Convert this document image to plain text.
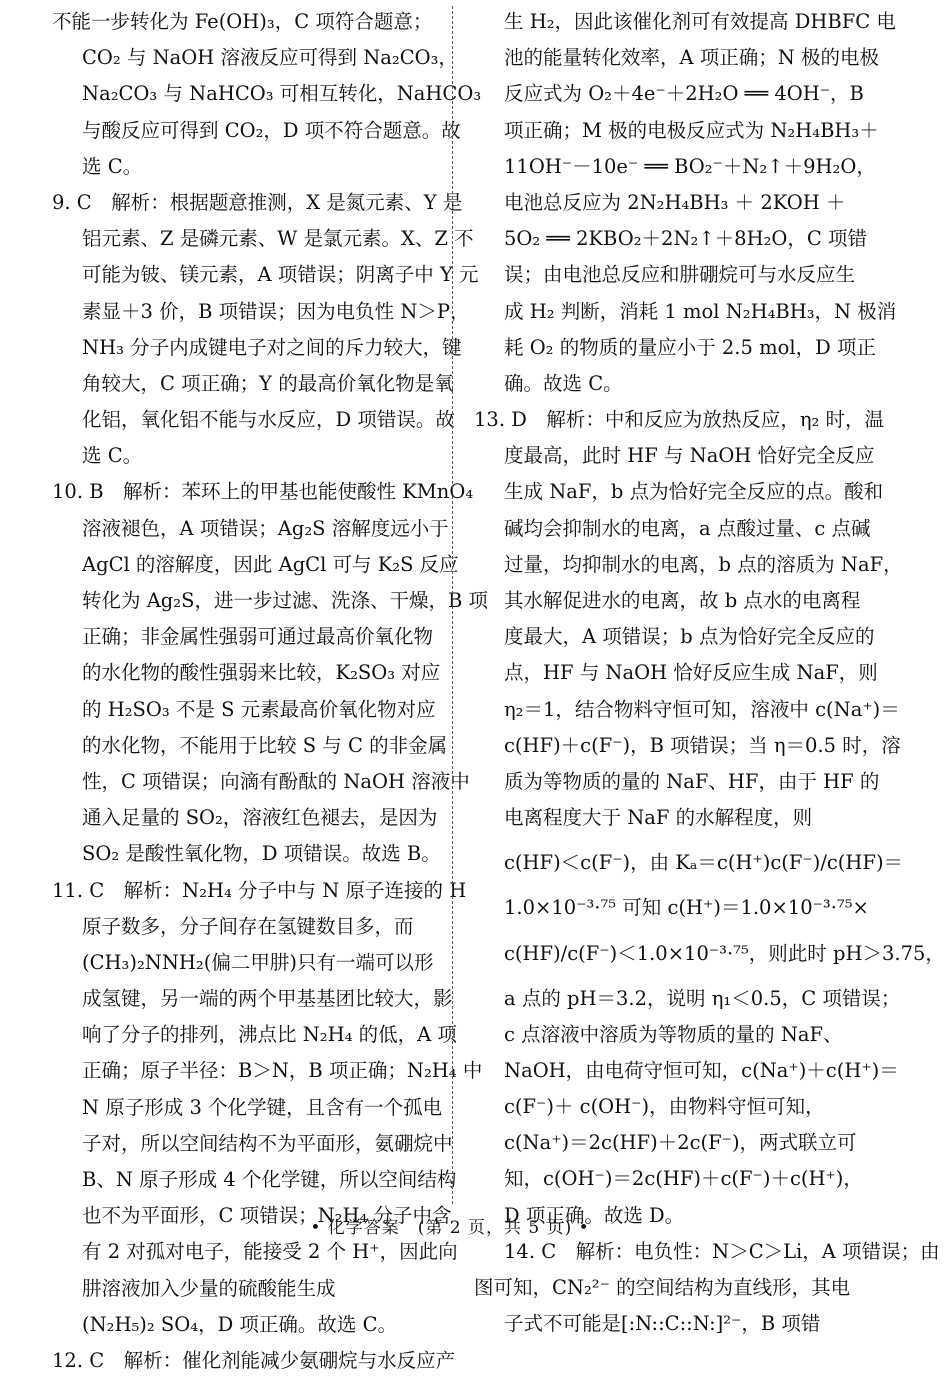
不能一步转化为 Fe(OH)₃，C 项符合题意；

CO₂ 与 NaOH 溶液反应可得到 Na₂CO₃，

Na₂CO₃ 与 NaHCO₃ 可相互转化，NaHCO₃

与酸反应可得到 CO₂，D 项不符合题意。故

选 C。

9. C　解析：根据题意推测，X 是氮元素、Y 是

铝元素、Z 是磷元素、W 是氯元素。X、Z 不

可能为铍、镁元素，A 项错误；阴离子中 Y 元

素显＋3 价，B 项错误；因为电负性 N＞P，

NH₃ 分子内成键电子对之间的斥力较大，键

角较大，C 项正确；Y 的最高价氧化物是氧

化铝，氧化铝不能与水反应，D 项错误。故

选 C。

10. B　解析：苯环上的甲基也能使酸性 KMnO₄

溶液褪色，A 项错误；Ag₂S 溶解度远小于

AgCl 的溶解度，因此 AgCl 可与 K₂S 反应

转化为 Ag₂S，进一步过滤、洗涤、干燥，B 项

正确；非金属性强弱可通过最高价氧化物

的水化物的酸性强弱来比较，K₂SO₃ 对应

的 H₂SO₃ 不是 S 元素最高价氧化物对应

的水化物，不能用于比较 S 与 C 的非金属

性，C 项错误；向滴有酚酞的 NaOH 溶液中

通入足量的 SO₂，溶液红色褪去，是因为

SO₂ 是酸性氧化物，D 项错误。故选 B。

11. C　解析：N₂H₄ 分子中与 N 原子连接的 H

原子数多，分子间存在氢键数目多，而

(CH₃)₂NNH₂(偏二甲肼)只有一端可以形

成氢键，另一端的两个甲基基团比较大，影

响了分子的排列，沸点比 N₂H₄ 的低，A 项

正确；原子半径：B＞N，B 项正确；N₂H₄ 中

N 原子形成 3 个化学键，且含有一个孤电

子对，所以空间结构不为平面形，氨硼烷中

B、N 原子形成 4 个化学键，所以空间结构

也不为平面形，C 项错误；N₂H₄ 分子中含

有 2 对孤对电子，能接受 2 个 H⁺，因此向

肼溶液加入少量的硫酸能生成

(N₂H₅)₂ SO₄，D 项正确。故选 C。

12. C　解析：催化剂能减少氨硼烷与水反应产

生 H₂，因此该催化剂可有效提高 DHBFC 电

池的能量转化效率，A 项正确；N 极的电极

反应式为 O₂＋4e⁻＋2H₂O ══ 4OH⁻，B

项正确；M 极的电极反应式为 N₂H₄BH₃＋

11OH⁻－10e⁻ ══ BO₂⁻＋N₂↑＋9H₂O，

电池总反应为 2N₂H₄BH₃ ＋ 2KOH ＋

5O₂ ══ 2KBO₂＋2N₂↑＋8H₂O，C 项错

误；由电池总反应和肼硼烷可与水反应生

成 H₂ 判断，消耗 1 mol N₂H₄BH₃，N 极消

耗 O₂ 的物质的量应小于 2.5 mol，D 项正

确。故选 C。

13. D　解析：中和反应为放热反应，η₂ 时，温

度最高，此时 HF 与 NaOH 恰好完全反应

生成 NaF，b 点为恰好完全反应的点。酸和

碱均会抑制水的电离，a 点酸过量、c 点碱

过量，均抑制水的电离，b 点的溶质为 NaF，

其水解促进水的电离，故 b 点水的电离程

度最大，A 项错误；b 点为恰好完全反应的

点，HF 与 NaOH 恰好反应生成 NaF，则

η₂＝1，结合物料守恒可知，溶液中 c(Na⁺)＝

c(HF)＋c(F⁻)，B 项错误；当 η＝0.5 时，溶

质为等物质的量的 NaF、HF，由于 HF 的

电离程度大于 NaF 的水解程度，则

c(HF)＜c(F⁻)，由 Kₐ＝c(H⁺)c(F⁻)/c(HF)＝

1.0×10⁻³·⁷⁵ 可知 c(H⁺)＝1.0×10⁻³·⁷⁵×

c(HF)/c(F⁻)＜1.0×10⁻³·⁷⁵，则此时 pH＞3.75，

a 点的 pH＝3.2，说明 η₁＜0.5，C 项错误；

c 点溶液中溶质为等物质的量的 NaF、

NaOH，由电荷守恒可知，c(Na⁺)＋c(H⁺)＝

c(F⁻)＋ c(OH⁻)，由物料守恒可知，

c(Na⁺)＝2c(HF)＋2c(F⁻)，两式联立可

知，c(OH⁻)＝2c(HF)＋c(F⁻)＋c(H⁺)，

D 项正确。故选 D。

14. C　解析：电负性：N＞C＞Li，A 项错误；由

图可知，CN₂²⁻ 的空间结构为直线形，其电

子式不可能是[:N::C::N:]²⁻，B 项错

• 化学答案　(第 2 页，共 5 页) •
